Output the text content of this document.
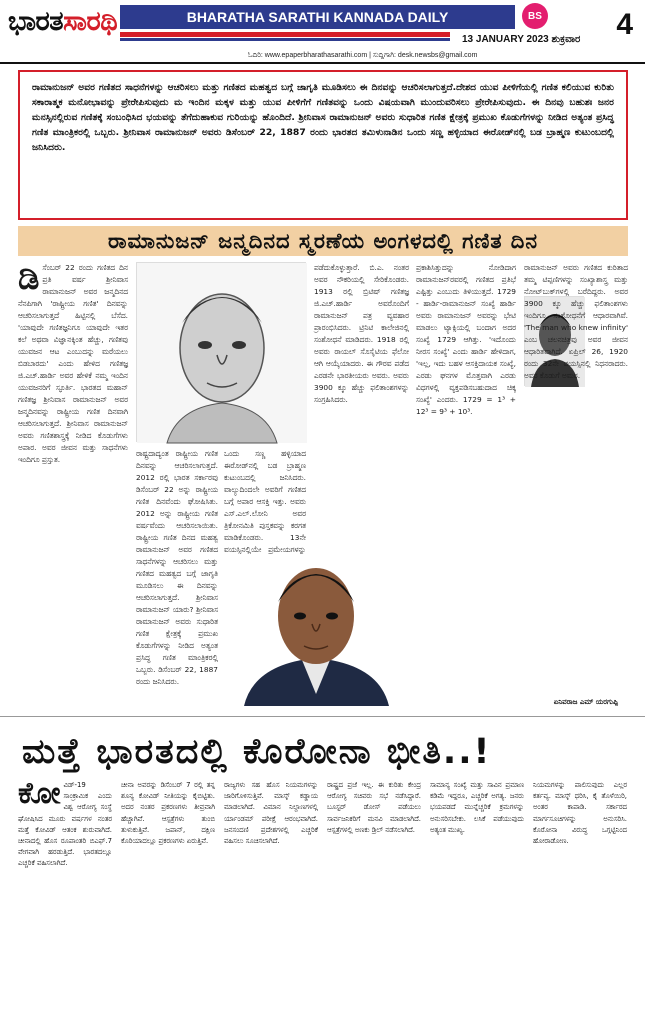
ಭಾರತಸಾರಥಿ	BHARATHA SARATHI KANNADA DAILY	BS 4
13 JANUARY 2023 ಶುಕ್ರವಾರ
ಓದಿರಿ: www.epaperbharathasarathi.com | ಸುದ್ದಿಗಾಗಿ: desk.newsbs@gmail.com
ರಾಮಾನುಜನ್ ಅವರ ಗಣಿತದ ಸಾಧನೆಗಳನ್ನು ಆಚರಿಸಲು ಮತ್ತು ಗಣಿತದ ಮಹತ್ವದ ಬಗ್ಗೆ ಜಾಗೃತಿ ಮೂಡಿಸಲು ಈ ದಿನವನ್ನು ಆಚರಿಸಲಾಗುತ್ತದೆ.ದೇಶದ ಯುವ ಪೀಳಿಗೆಯಲ್ಲಿ ಗಣಿತ ಕಲಿಯುವ ಕುರಿತು ಸಕಾರಾತ್ಮಕ ಮನೋಭಾವನ್ನು ಪ್ರೇರೇಪಿಸುವುದು ಮ ಇಂದಿನ ಮಕ್ಕಳ ಮತ್ತು ಯುವ ಪೀಳಿಗೆಗೆ ಗಣಿತವನ್ನು ಒಂದು ವಿಷಯವಾಗಿ ಮುಂದುವರಿಸಲು ಪ್ರೇರೇಪಿಸುವುದು. ಈ ದಿನವು ಬಹುಶಃ ಜನರ ಮನಸ್ಸಿನಲ್ಲಿರುವ ಗಣಿತಕ್ಕೆ ಸಂಬಂಧಿಸಿದ ಭಯವನ್ನು ತೆಗೆದುಹಾಕುವ ಗುರಿಯನ್ನು ಹೊಂದಿದೆ. ಶ್ರೀನಿವಾಸ ರಾಮಾನುಜನ್ ಅವರು ಸುಧಾರಿತ ಗಣಿತ ಕ್ಷೇತ್ರಕ್ಕೆ ಪ್ರಮುಖ ಕೊಡುಗೆಗಳನ್ನು ನೀಡಿದ ಅತ್ಯಂತ ಪ್ರಸಿದ್ಧ ಗಣಿತ ಮಾಂತ್ರಿಕರಲ್ಲಿ ಒಬ್ಬರು. ಶ್ರೀನಿವಾಸ ರಾಮಾನುಜನ್ ಅವರು ಡಿಸೆಂಬರ್ 22, 1887 ರಂದು ಭಾರತದ ತಮಿಳುನಾಡಿನ ಒಂದು ಸಣ್ಣ ಹಳ್ಳಿಯಾದ ಈರೋಡ್‌ನಲ್ಲಿ ಬಡ ಬ್ರಾಹ್ಮಣ ಕುಟುಂಬದಲ್ಲಿ ಜನಿಸಿದರು.
ರಾಮಾನುಜನ್ ಜನ್ಮದಿನದ ಸ್ಮರಣೆಯ ಅಂಗಳದಲ್ಲಿ ಗಣಿತ ದಿನ
ಡಿಸೆಂಬರ್ 22 ರಂದು ಗಣಿತದ ದಿನ ಪ್ರತಿ ವರ್ಷ ಶ್ರೀನಿವಾಸ ರಾಮಾನುಜನ್ ಅವರ ಜನ್ಮದಿನದ ನೆನಪಿಗಾಗಿ 'ರಾಷ್ಟ್ರೀಯ ಗಣಿತ' ದಿನವನ್ನು ಆಚರಿಸಲಾಗುತ್ತದೆ ಹಿಟ್ಟಿನಲ್ಲಿ ಬೆಸೆದ. 'ಯಾವುದೇ ಗಣಿತಜ್ಞನಿಗೂ ಯಾವುದೇ ಇತರ ಕಲೆ ಅಥವಾ ವಿಜ್ಞಾನಕ್ಕಿಂತ ಹೆಚ್ಚು, ಗಣಿತವು ಯುವಜನ ಆಟ ಎಂಬುದನ್ನು ಮರೆಯಲು ಬಿಡಬಾರದು' ಎಂದು ಹೇಳಿದ ಗಣಿತಜ್ಞ ಜಿ.ಎಚ್.ಹಾರ್ಡಿ ಅವರ ಹೇಳಿಕೆ ನಮ್ಮ ಇಂದಿನ ಯುವಜನರಿಗೆ ಸ್ಫೂರ್ತಿ. ಭಾರತದ ಮಹಾನ್ ಗಣಿತಜ್ಞ ಶ್ರೀನಿವಾಸ ರಾಮಾನುಜನ್ ಅವರ ಜನ್ಮದಿನವನ್ನು ರಾಷ್ಟ್ರೀಯ ಗಣಿತ ದಿನವಾಗಿ ಆಚರಿಸಲಾಗುತ್ತದೆ. ಶ್ರೀನಿವಾಸ ರಾಮಾನುಜನ್ ಅವರು ಗಣಿತಶಾಸ್ತ್ರಕ್ಕೆ ನೀಡಿದ ಕೊಡುಗೆಗಳು ಅಪಾರ. ಅವರ ಜೀವನ ಮತ್ತು ಸಾಧನೆಗಳು ಇಂದಿಗೂ ಪ್ರಸ್ತುತ.
ರಾಷ್ಟ್ರದಾದ್ಯಂತ ರಾಷ್ಟ್ರೀಯ ಗಣಿತ ದಿನವನ್ನು ಆಚರಿಸಲಾಗುತ್ತದೆ. 2012 ರಲ್ಲಿ ಭಾರತ ಸರ್ಕಾರವು ಡಿಸೆಂಬರ್ 22 ಅನ್ನು ರಾಷ್ಟ್ರೀಯ ಗಣಿತ ದಿನವೆಂದು ಘೋಷಿಸಿತು. 2012 ಅನ್ನು ರಾಷ್ಟ್ರೀಯ ಗಣಿತ ವರ್ಷವೆಂದು ಆಚರಿಸಲಾಯಿತು. ರಾಷ್ಟ್ರೀಯ ಗಣಿತ ದಿನದ ಮಹತ್ವ ರಾಮಾನುಜನ್ ಅವರ ಗಣಿತದ ಸಾಧನೆಗಳನ್ನು ಆಚರಿಸಲು ಮತ್ತು ಗಣಿತದ ಮಹತ್ವದ ಬಗ್ಗೆ ಜಾಗೃತಿ ಮೂಡಿಸಲು ಈ ದಿನವನ್ನು ಆಚರಿಸಲಾಗುತ್ತದೆ. ಶ್ರೀನಿವಾಸ ರಾಮಾನುಜನ್ ಯಾರು? ಶ್ರೀನಿವಾಸ ರಾಮಾನುಜನ್ ಅವರು ಸುಧಾರಿತ ಗಣಿತ ಕ್ಷೇತ್ರಕ್ಕೆ ಪ್ರಮುಖ ಕೊಡುಗೆಗಳನ್ನು ನೀಡಿದ ಅತ್ಯಂತ ಪ್ರಸಿದ್ಧ ಗಣಿತ ಮಾಂತ್ರಿಕರಲ್ಲಿ ಒಬ್ಬರು. ಡಿಸೆಂಬರ್ 22, 1887 ರಂದು ಜನಿಸಿದರು.
ಒಂದು ಸಣ್ಣ ಹಳ್ಳಿಯಾದ ಈರೋಡ್‌ನಲ್ಲಿ ಬಡ ಬ್ರಾಹ್ಮಣ ಕುಟುಂಬದಲ್ಲಿ ಜನಿಸಿದರು. ವಾಲ್ಯುದಿಂದಲೇ ಅವರಿಗೆ ಗಣಿತದ ಬಗ್ಗೆ ಅಪಾರ ಆಸಕ್ತಿ ಇತ್ತು. ಅವರು ಎಸ್.ಎಲ್.ಲೋನಿ ಅವರ ತ್ರಿಕೋನಮಿತಿ ಪುಸ್ತಕವನ್ನು ಕರಗತ ಮಾಡಿಕೊಂಡರು. 13ನೇ ವಯಸ್ಸಿನಲ್ಲಿಯೇ ಪ್ರಮೇಯಗಳನ್ನು
ಪಡೆದುಕೊಳ್ಳುತ್ತಾರೆ. ಬಿ.ಎ. ನಂತರ ಅವರ ನೌಕರಿಯಲ್ಲಿ ಸೇರಿಕೊಂಡರು. 1913 ರಲ್ಲಿ ಬ್ರಿಟಿಷ್ ಗಣಿತಜ್ಞ ಜಿ.ಎಚ್.ಹಾರ್ಡಿ ಅವರೊಂದಿಗೆ ರಾಮಾನುಜನ್ ಪತ್ರ ವ್ಯವಹಾರ ಪ್ರಾರಂಭಿಸಿದರು. ಟ್ರಿನಿಟಿ ಕಾಲೇಜಿನಲ್ಲಿ ಸಂಶೋಧನೆ ಮಾಡಿದರು. 1918 ರಲ್ಲಿ ಅವರು ರಾಯಲ್ ಸೊಸೈಟಿಯ ಫೆಲೋ ಆಗಿ ಆಯ್ಕೆಯಾದರು. ಈ ಗೌರವ ಪಡೆದ ಎರಡನೇ ಭಾರತೀಯರು ಅವರು. ಅವರು 3900 ಕ್ಕೂ ಹೆಚ್ಚು ಫಲಿತಾಂಶಗಳನ್ನು ಸಂಗ್ರಹಿಸಿದರು.
ಪ್ರಕಾಶಿಸಿತ್ತುದನ್ನು ನೋಡಿದಾಗ ರಾಮಾನುಜನ್‌ರವರಲ್ಲಿ ಗಣಿತದ ಪ್ರತಿಭೆ ಎಷ್ಟಿತ್ತು ಎಂಬುದು ತಿಳಿಯುತ್ತದೆ. 1729 - ಹಾರ್ಡಿ-ರಾಮಾನುಜನ್ ಸಂಖ್ಯೆ ಹಾರ್ಡಿ ಅವರು ರಾಮಾನುಜನ್ ಅವರನ್ನು ಭೇಟಿ ಮಾಡಲು ಟ್ಯಾಕ್ಸಿಯಲ್ಲಿ ಬಂದಾಗ ಅದರ ಸಂಖ್ಯೆ 1729 ಆಗಿತ್ತು. 'ಇದೊಂದು ನೀರಸ ಸಂಖ್ಯೆ' ಎಂದು ಹಾರ್ಡಿ ಹೇಳಿದಾಗ, 'ಇಲ್ಲ, ಇದು ಬಹಳ ಆಸಕ್ತಿದಾಯಕ ಸಂಖ್ಯೆ, ಎರಡು ಘನಗಳ ಮೊತ್ತವಾಗಿ ಎರಡು ವಿಧಗಳಲ್ಲಿ ವ್ಯಕ್ತಪಡಿಸಬಹುದಾದ ಚಿಕ್ಕ ಸಂಖ್ಯೆ' ಎಂದರು. 1729 = 1³ + 12³ = 9³ + 10³.
ರಾಮಾನುಜನ್ ಅವರು ಗಣಿತದ ಕುರಿತಾದ ತಮ್ಮ ಟಿಪ್ಪಣಿಗಳನ್ನು ಸಂಖ್ಯಾಶಾಸ್ತ್ರ ಮತ್ತು ನೋಟ್‌ಬುಕ್‌ಗಳಲ್ಲಿ ಬರೆದಿದ್ದರು. ಅವರ 3900 ಕ್ಕೂ ಹೆಚ್ಚು ಫಲಿತಾಂಶಗಳು ಇಂದಿಗೂ ಸಂಶೋಧನೆಗೆ ಆಧಾರವಾಗಿವೆ. 'The man who knew infinity' ಎಂಬ ಚಲನಚಿತ್ರವು ಅವರ ಜೀವನ ಆಧಾರಿತವಾಗಿದೆ. ಏಪ್ರಿಲ್ 26, 1920 ರಂದು 32ನೇ ವಯಸ್ಸಿನಲ್ಲಿ ನಿಧನರಾದರು. ಅವರ ಕೊಡುಗೆ ಅಮರ.
ಏನಿವರಾಜ ಎಮ್ ಯರಗುಪ್ಪಿ
ಮತ್ತೆ ಭಾರತದಲ್ಲಿ ಕೊರೋನಾ ಭೀತಿ..!
ಕೋವಿಡ್-19 ಸಾಂಕ್ರಾಮಿಕ ಎಂದು ವಿಶ್ವ ಆರೋಗ್ಯ ಸಂಸ್ಥೆ ಘೋಷಿಸಿದ ಮೂರು ವರ್ಷಗಳ ನಂತರ ಮತ್ತೆ ಕೋವಿಡ್ ಆತಂಕ ಶುರುವಾಗಿದೆ. ಚೀನಾದಲ್ಲಿ ಹೊಸ ರೂಪಾಂತರಿ ಬಿಎಫ್.7 ವೇಗವಾಗಿ ಹರಡುತ್ತಿದೆ. ಭಾರತದಲ್ಲೂ ಎಚ್ಚರಿಕೆ ವಹಿಸಲಾಗಿದೆ.
ಚೀನಾ ಅವರನ್ನು ಡಿಸೆಂಬರ್ 7 ರಲ್ಲಿ ತನ್ನ ಶೂನ್ಯ ಕೋವಿಡ್ ನೀತಿಯನ್ನು ಕೈಬಿಟ್ಟಿತು. ಅದರ ನಂತರ ಪ್ರಕರಣಗಳು ತೀವ್ರವಾಗಿ ಹೆಚ್ಚಾಗಿವೆ. ಆಸ್ಪತ್ರೆಗಳು ತುಂಬಿ ತುಳುಕುತ್ತಿವೆ. ಜಪಾನ್, ದಕ್ಷಿಣ ಕೊರಿಯಾದಲ್ಲೂ ಪ್ರಕರಣಗಳು ಏರುತ್ತಿವೆ.
ರಾಜ್ಯಗಳು ಸಹ ಹೊಸ ನಿಯಮಗಳನ್ನು ಜಾರಿಗೊಳಿಸುತ್ತಿವೆ. ಮಾಸ್ಕ್ ಕಡ್ಡಾಯ ಮಾಡಲಾಗಿದೆ. ವಿಮಾನ ನಿಲ್ದಾಣಗಳಲ್ಲಿ ರ್ಯಾಂಡಮ್ ಪರೀಕ್ಷೆ ಆರಂಭವಾಗಿದೆ. ಜನಸಂದಣಿ ಪ್ರದೇಶಗಳಲ್ಲಿ ಎಚ್ಚರಿಕೆ ವಹಿಸಲು ಸೂಚಿಸಲಾಗಿದೆ.
ರಾಷ್ಟ್ರದ ಪ್ರಜೆ ಇಲ್ಲ. ಈ ಕುರಿತು ಕೇಂದ್ರ ಆರೋಗ್ಯ ಸಚಿವರು ಸಭೆ ನಡೆಸಿದ್ದಾರೆ. ಬೂಸ್ಟರ್ ಡೋಸ್ ಪಡೆಯಲು ಸಾರ್ವಜನಿಕರಿಗೆ ಮನವಿ ಮಾಡಲಾಗಿದೆ. ಆಸ್ಪತ್ರೆಗಳಲ್ಲಿ ಅಣಕು ಡ್ರಿಲ್ ನಡೆಸಲಾಗಿದೆ.
ಸಾಮಾನ್ಯ ಸಂಖ್ಯೆ ಮತ್ತು ಸಾವಿನ ಪ್ರಮಾಣ ಕಡಿಮೆ ಇದ್ದರೂ, ಎಚ್ಚರಿಕೆ ಅಗತ್ಯ. ಜನರು ಭಯಪಡದೆ ಮುನ್ನೆಚ್ಚರಿಕೆ ಕ್ರಮಗಳನ್ನು ಅನುಸರಿಸಬೇಕು. ಲಸಿಕೆ ಪಡೆಯುವುದು ಅತ್ಯಂತ ಮುಖ್ಯ.
ನಿಯಮಗಳನ್ನು ಪಾಲಿಸುವುದು ಎಲ್ಲರ ಕರ್ತವ್ಯ. ಮಾಸ್ಕ್ ಧರಿಸಿ, ಕೈ ತೊಳೆಯಿರಿ, ಅಂತರ ಕಾಪಾಡಿ. ಸರ್ಕಾರದ ಮಾರ್ಗಸೂಚಿಗಳನ್ನು ಅನುಸರಿಸಿ. ಕೊರೋನಾ ವಿರುದ್ಧ ಒಗ್ಗಟ್ಟಿನಿಂದ ಹೋರಾಡೋಣ.
